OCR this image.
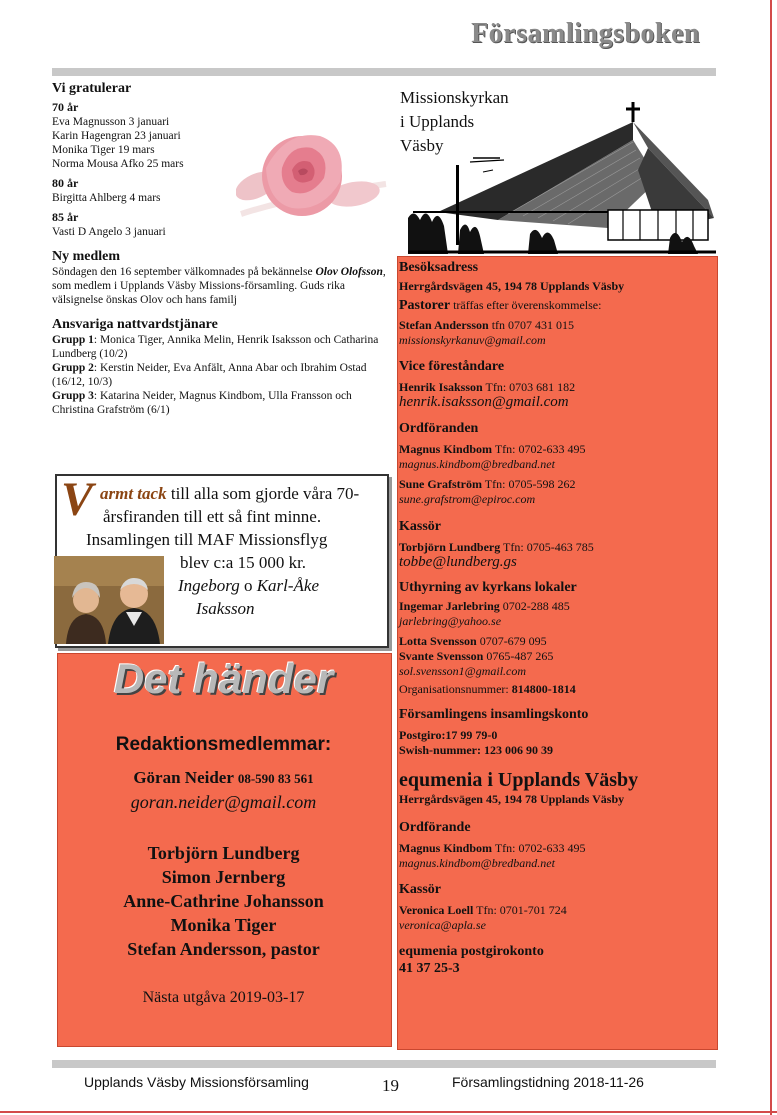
Församlingsboken
Vi gratulerar
70 år

Eva Magnusson 3 januari

Karin Hagengran 23 januari

Monika Tiger 19 mars

Norma Mousa Afko 25 mars

80 år

Birgitta Ahlberg 4 mars

85 år

Vasti D Angelo 3 januari

Ny medlem

Söndagen den 16 september välkomnades på bekännelse Olov Olofsson, som medlem i Upplands Väsby Missions-församling. Guds rika välsignelse önskas Olov och hans familj

Ansvariga nattvardstjänare

Grupp 1: Monica Tiger, Annika Melin, Henrik Isaksson och Catharina Lundberg (10/2)

Grupp 2: Kerstin Neider, Eva Anfält, Anna Abar och Ibrahim Ostad (16/12, 10/3)

Grupp 3: Katarina Neider, Magnus Kindbom, Ulla Fransson och Christina Grafström (6/1)

Missionskyrkan
i Upplands
Väsby
V armt tack till alla som gjorde våra 70-
årsfiranden till ett så fint minne.
Insamlingen till MAF Missionsflyg
blev c:a 15 000 kr.
Ingeborg o Karl-Åke
Isaksson
Det händer
Redaktionsmedlemmar:
Göran Neider 08-590 83 561
goran.neider@gmail.com
Torbjörn Lundberg
Simon Jernberg
Anne-Cathrine Johansson
Monika Tiger
Stefan Andersson, pastor
Nästa utgåva 2019-03-17
Besöksadress
Herrgårdsvägen 45, 194 78 Upplands Väsby
Pastorer träffas efter överenskommelse:
Stefan Andersson tfn 0707 431 015
missionskyrkanuv@gmail.com
Vice föreståndare
Henrik Isaksson Tfn: 0703 681 182
henrik.isaksson@gmail.com
Ordföranden
Magnus Kindbom Tfn: 0702-633 495
magnus.kindbom@bredband.net
Sune Grafström Tfn: 0705-598 262
sune.grafstrom@epiroc.com
Kassör
Torbjörn Lundberg Tfn: 0705-463 785
tobbe@lundberg.gs
Uthyrning av kyrkans lokaler
Ingemar Jarlebring 0702-288 485
jarlebring@yahoo.se
Lotta Svensson 0707-679 095
Svante Svensson 0765-487 265
sol.svensson1@gmail.com
Organisationsnummer: 814800-1814
Församlingens insamlingskonto
Postgiro:17 99 79-0
Swish-nummer: 123 006 90 39
equmenia i Upplands Väsby
Herrgårdsvägen 45, 194 78 Upplands Väsby
Ordförande
Magnus Kindbom Tfn: 0702-633 495
magnus.kindbom@bredband.net
Kassör
Veronica Loell Tfn: 0701-701 724
veronica@apla.se
equmenia postgirokonto
41 37 25-3
Upplands Väsby Missionsförsamling	19	Församlingstidning 2018-11-26
